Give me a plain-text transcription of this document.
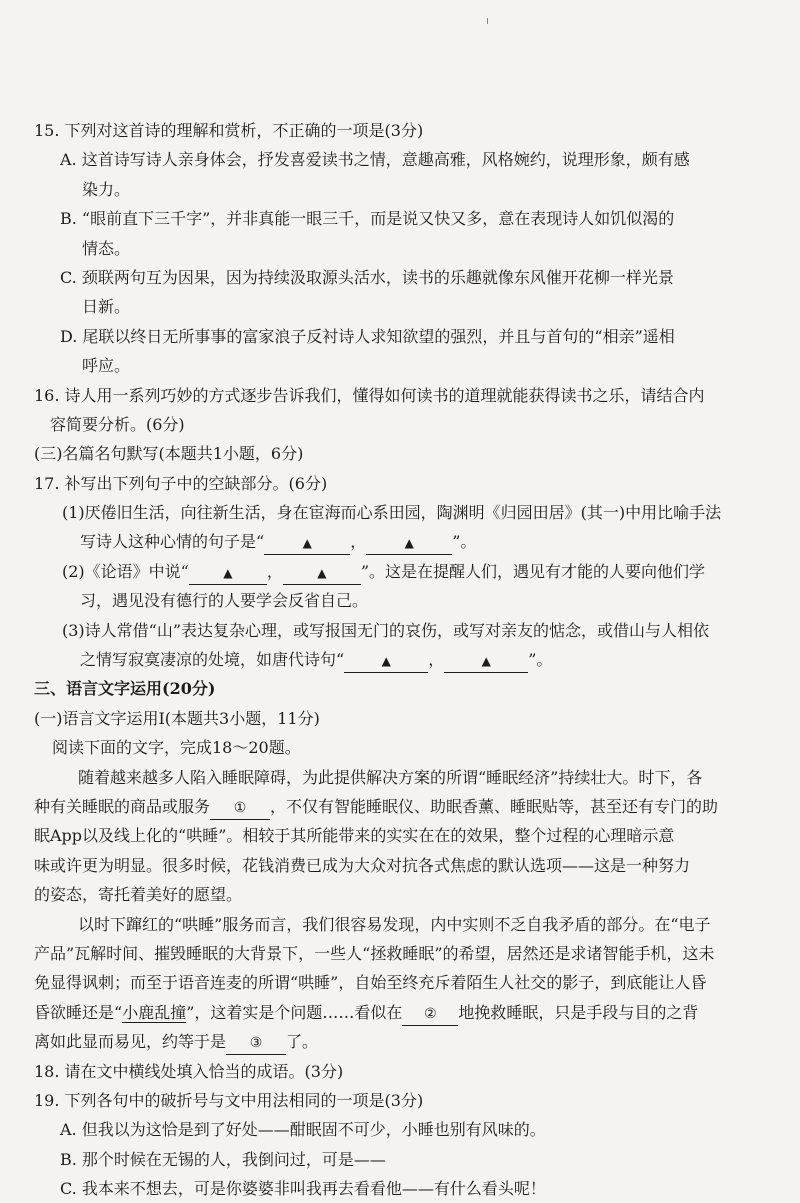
15. 下列对这首诗的理解和赏析，不正确的一项是(3分)
A. 这首诗写诗人亲身体会，抒发喜爱读书之情，意趣高雅，风格婉约，说理形象，颇有感
染力。
B. “眼前直下三千字”，并非真能一眼三千，而是说又快又多，意在表现诗人如饥似渴的
情态。
C. 颈联两句互为因果，因为持续汲取源头活水，读书的乐趣就像东风催开花柳一样光景
日新。
D. 尾联以终日无所事事的富家浪子反衬诗人求知欲望的强烈，并且与首句的“相亲”遥相
呼应。
16. 诗人用一系列巧妙的方式逐步告诉我们，懂得如何读书的道理就能获得读书之乐，请结合内
容简要分析。(6分)
(三)名篇名句默写(本题共1小题，6分)
17. 补写出下列句子中的空缺部分。(6分)
(1)厌倦旧生活，向往新生活，身在宦海而心系田园，陶渊明《归园田居》(其一)中用比喻手法
写诗人这种心情的句子是“	▲ ，	▲ ”。
(2)《论语》中说“	▲ ，	▲ ”。这是在提醒人们，遇见有才能的人要向他们学
习，遇见没有德行的人要学会反省自己。
(3)诗人常借“山”表达复杂心理，或写报国无门的哀伤，或写对亲友的惦念，或借山与人相依
之情写寂寞凄凉的处境，如唐代诗句“	▲ ，	▲ ”。
三、语言文字运用(20分)
(一)语言文字运用Ⅰ(本题共3小题，11分)
阅读下面的文字，完成18～20题。
随着越来越多人陷入睡眠障碍，为此提供解决方案的所谓“睡眠经济”持续壮大。时下，各
种有关睡眠的商品或服务 ① ，不仅有智能睡眠仪、助眠香薰、睡眠贴等，甚至还有专门的助
眠App以及线上化的“哄睡”。相较于其所能带来的实实在在的效果，整个过程的心理暗示意
味或许更为明显。很多时候，花钱消费已成为大众对抗各式焦虑的默认选项——这是一种努力
的姿态，寄托着美好的愿望。
以时下蹿红的“哄睡”服务而言，我们很容易发现，内中实则不乏自我矛盾的部分。在“电子
产品”瓦解时间、摧毁睡眠的大背景下，一些人“拯救睡眠”的希望，居然还是求诸智能手机，这未
免显得讽刺；而至于语音连麦的所谓“哄睡”，自始至终充斥着陌生人社交的影子，到底能让人昏
昏欲睡还是“小鹿乱撞”，这着实是个问题……看似在 ② 地挽救睡眠，只是手段与目的之背
离如此显而易见，约等于是 ③ 了。
18. 请在文中横线处填入恰当的成语。(3分)
19. 下列各句中的破折号与文中用法相同的一项是(3分)
A. 但我以为这恰是到了好处——酣眠固不可少，小睡也别有风味的。
B. 那个时候在无锡的人，我倒问过，可是——
C. 我本来不想去，可是你婆婆非叫我再去看看他——有什么看头呢！
